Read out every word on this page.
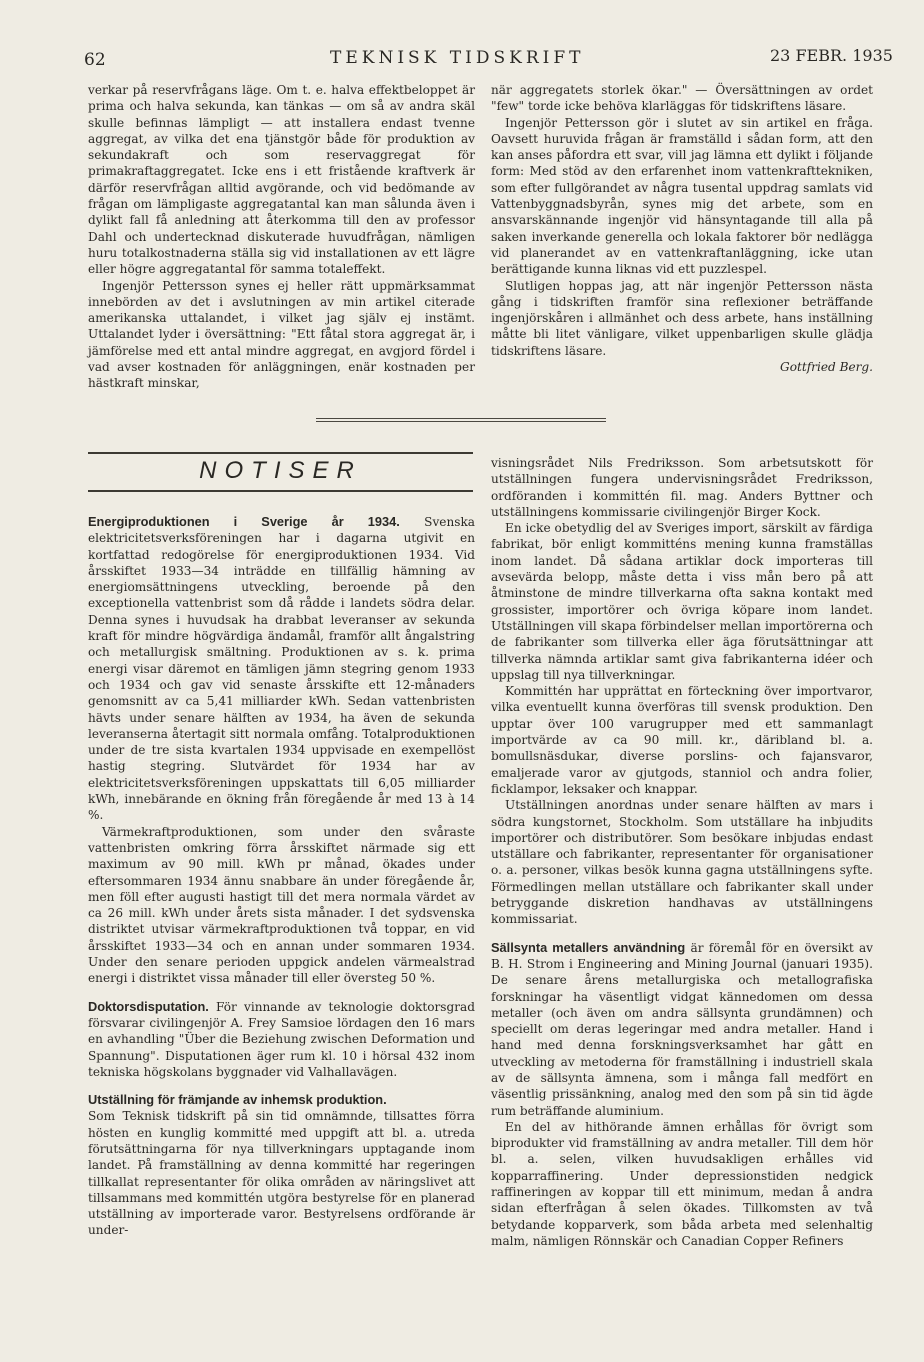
62	TEKNISK TIDSKRIFT	23 FEBR. 1935

verkar på reservfrågans läge. Om t. e. halva effektbeloppet är prima och halva sekunda, kan tänkas — om så av andra skäl skulle befinnas lämpligt — att installera endast tvenne aggregat, av vilka det ena tjänstgör både för produktion av sekundakraft och som reservaggregat för primakraftaggregatet. Icke ens i ett fristående kraftverk är därför reservfrågan alltid avgörande, och vid bedömande av frågan om lämpligaste aggregatantal kan man sålunda även i dylikt fall få anledning att återkomma till den av professor Dahl och undertecknad diskuterade huvudfrågan, nämligen huru totalkostnaderna ställa sig vid installationen av ett lägre eller högre aggregatantal för samma totaleffekt.

Ingenjör Pettersson synes ej heller rätt uppmärksammat innebörden av det i avslutningen av min artikel citerade amerikanska uttalandet, i vilket jag själv ej instämt. Uttalandet lyder i översättning: "Ett fåtal stora aggregat är, i jämförelse med ett antal mindre aggregat, en avgjord fördel i vad avser kostnaden för anläggningen, enär kostnaden per hästkraft minskar,

när aggregatets storlek ökar." — Översättningen av ordet "few" torde icke behöva klarläggas för tidskriftens läsare.

Ingenjör Pettersson gör i slutet av sin artikel en fråga. Oavsett huruvida frågan är framställd i sådan form, att den kan anses påfordra ett svar, vill jag lämna ett dylikt i följande form: Med stöd av den erfarenhet inom vattenkrafttekniken, som efter fullgörandet av några tusental uppdrag samlats vid Vattenbyggnadsbyrån, synes mig det arbete, som en ansvarskännande ingenjör vid hänsyntagande till alla på saken inverkande generella och lokala faktorer bör nedlägga vid planerandet av en vattenkraftanläggning, icke utan berättigande kunna liknas vid ett puzzlespel.

Slutligen hoppas jag, att när ingenjör Pettersson nästa gång i tidskriften framför sina reflexioner beträffande ingenjörskåren i allmänhet och dess arbete, hans inställning måtte bli litet vänligare, vilket uppenbarligen skulle glädja tidskriftens läsare.

Gottfried Berg.

NOTISER

Energiproduktionen i Sverige år 1934. Svenska elektricitetsverksföreningen har i dagarna utgivit en kortfattad redogörelse för energiproduktionen 1934. Vid årsskiftet 1933—34 inträdde en tillfällig hämning av energiomsättningens utveckling, beroende på den exceptionella vattenbrist som då rådde i landets södra delar. Denna synes i huvudsak ha drabbat leveranser av sekunda kraft för mindre högvärdiga ändamål, framför allt ångalstring och metallurgisk smältning. Produktionen av s. k. prima energi visar däremot en tämligen jämn stegring genom 1933 och 1934 och gav vid senaste årsskifte ett 12-månaders genomsnitt av ca 5,41 milliarder kWh. Sedan vattenbristen hävts under senare hälften av 1934, ha även de sekunda leveranserna återtagit sitt normala omfång. Totalproduktionen under de tre sista kvartalen 1934 uppvisade en exempellöst hastig stegring. Slutvärdet för 1934 har av elektricitetsverksföreningen uppskattats till 6,05 milliarder kWh, innebärande en ökning från föregående år med 13 à 14 %.

Värmekraftproduktionen, som under den svåraste vattenbristen omkring förra årsskiftet närmade sig ett maximum av 90 mill. kWh pr månad, ökades under eftersommaren 1934 ännu snabbare än under föregående år, men föll efter augusti hastigt till det mera normala värdet av ca 26 mill. kWh under årets sista månader. I det sydsvenska distriktet utvisar värmekraftproduktionen två toppar, en vid årsskiftet 1933—34 och en annan under sommaren 1934. Under den senare perioden uppgick andelen värmealstrad energi i distriktet vissa månader till eller översteg 50 %.

Doktorsdisputation. För vinnande av teknologie doktorsgrad försvarar civilingenjör A. Frey Samsioe lördagen den 16 mars en avhandling "Über die Beziehung zwischen Deformation und Spannung". Disputationen äger rum kl. 10 i hörsal 432 inom tekniska högskolans byggnader vid Valhallavägen.

Utställning för främjande av inhemsk produktion.

Som Teknisk tidskrift på sin tid omnämnde, tillsattes förra hösten en kunglig kommitté med uppgift att bl. a. utreda förutsättningarna för nya tillverkningars upptagande inom landet. På framställning av denna kommitté har regeringen tillkallat representanter för olika områden av näringslivet att tillsammans med kommittén utgöra bestyrelse för en planerad utställning av importerade varor. Bestyrelsens ordförande är under-

visningsrådet Nils Fredriksson. Som arbetsutskott för utställningen fungera undervisningsrådet Fredriksson, ordföranden i kommittén fil. mag. Anders Byttner och utställningens kommissarie civilingenjör Birger Kock.

En icke obetydlig del av Sveriges import, särskilt av färdiga fabrikat, bör enligt kommitténs mening kunna framställas inom landet. Då sådana artiklar dock importeras till avsevärda belopp, måste detta i viss mån bero på att åtminstone de mindre tillverkarna ofta sakna kontakt med grossister, importörer och övriga köpare inom landet. Utställningen vill skapa förbindelser mellan importörerna och de fabrikanter som tillverka eller äga förutsättningar att tillverka nämnda artiklar samt giva fabrikanterna idéer och uppslag till nya tillverkningar.

Kommittén har upprättat en förteckning över importvaror, vilka eventuellt kunna överföras till svensk produktion. Den upptar över 100 varugrupper med ett sammanlagt importvärde av ca 90 mill. kr., däribland bl. a. bomullsnäsdukar, diverse porslins- och fajansvaror, emaljerade varor av gjutgods, stanniol och andra folier, ficklampor, leksaker och knappar.

Utställningen anordnas under senare hälften av mars i södra kungstornet, Stockholm. Som utställare ha inbjudits importörer och distributörer. Som besökare inbjudas endast utställare och fabrikanter, representanter för organisationer o. a. personer, vilkas besök kunna gagna utställningens syfte. Förmedlingen mellan utställare och fabrikanter skall under betryggande diskretion handhavas av utställningens kommissariat.

Sällsynta metallers användning är föremål för en översikt av B. H. Strom i Engineering and Mining Journal (januari 1935). De senare årens metallurgiska och metallografiska forskningar ha väsentligt vidgat kännedomen om dessa metaller (och även om andra sällsynta grundämnen) och speciellt om deras legeringar med andra metaller. Hand i hand med denna forskningsverksamhet har gått en utveckling av metoderna för framställning i industriell skala av de sällsynta ämnena, som i många fall medfört en väsentlig prissänkning, analog med den som på sin tid ägde rum beträffande aluminium.

En del av hithörande ämnen erhållas för övrigt som biprodukter vid framställning av andra metaller. Till dem hör bl. a. selen, vilken huvudsakligen erhålles vid kopparraffinering. Under depressionstiden nedgick raffineringen av koppar till ett minimum, medan å andra sidan efterfrågan å selen ökades. Tillkomsten av två betydande kopparverk, som båda arbeta med selenhaltig malm, nämligen Rönnskär och Canadian Copper Refiners
